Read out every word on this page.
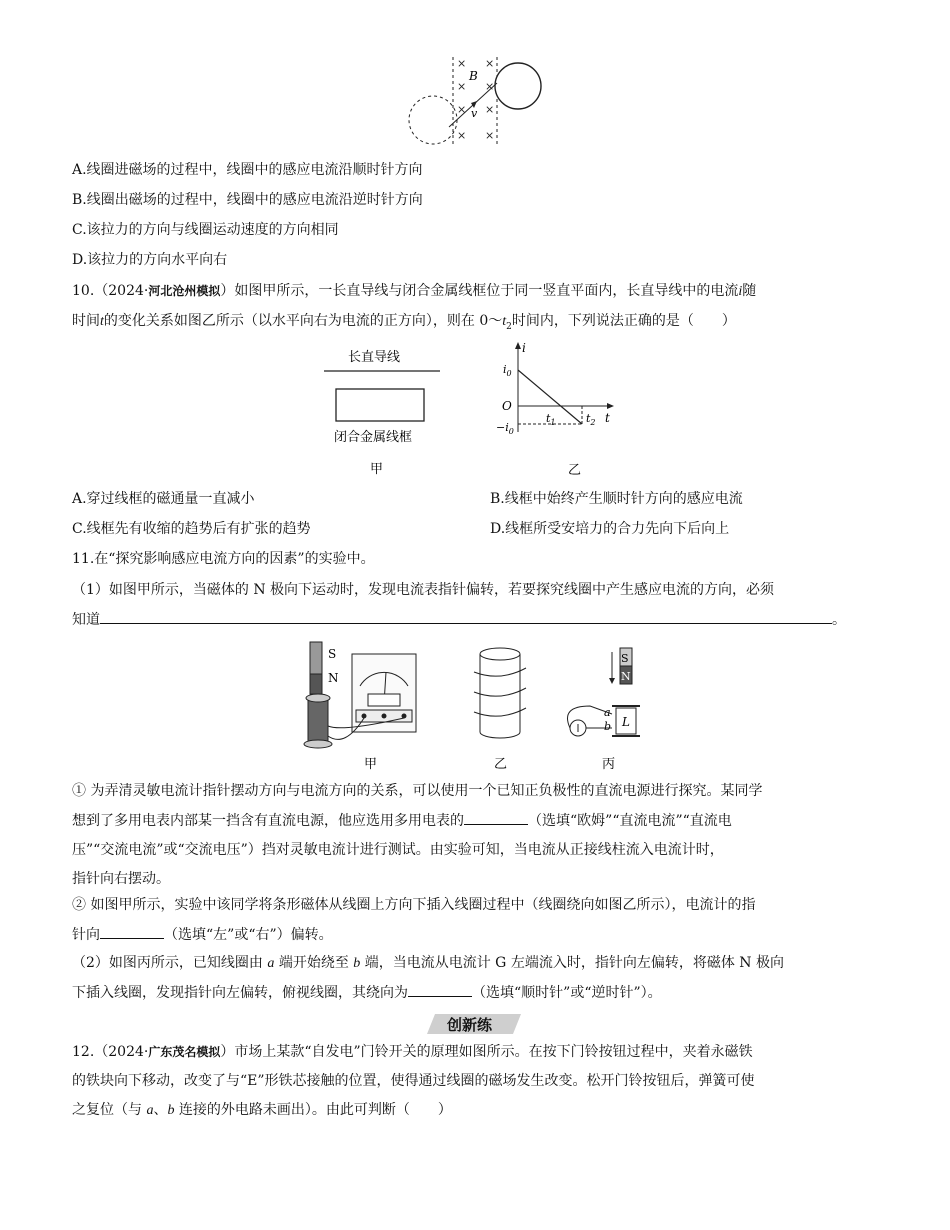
× ×
× ×
× ×
× ×
B
v
A.线圈进磁场的过程中，线圈中的感应电流沿顺时针方向
B.线圈出磁场的过程中，线圈中的感应电流沿逆时针方向
C.该拉力的方向与线圈运动速度的方向相同
D.该拉力的方向水平向右
10.（2024·河北沧州模拟）如图甲所示，一长直导线与闭合金属线框位于同一竖直平面内，长直导线中的电流i随
时间t的变化关系如图乙所示（以水平向右为电流的正方向），则在 $0\sim t_2$时间内，下列说法正确的是（　　）
长直导线
闭合金属线框
甲
i
t
O
$i_0$
$-i_0$
$t_1$	$t_2$
乙
A.穿过线框的磁通量一直减小	B.线框中始终产生顺时针方向的感应电流
C.线框先有收缩的趋势后有扩张的趋势	D.线框所受安培力的合力先向下后向上
11.在“探究影响感应电流方向的因素”的实验中。
（1）如图甲所示，当磁体的 N 极向下运动时，发现电流表指针偏转，若要探究线圈中产生感应电流的方向，必须
知道	。
S
N
甲	乙
S
N
L
a
b
丙
① 为弄清灵敏电流计指针摆动方向与电流方向的关系，可以使用一个已知正负极性的直流电源进行探究。某同学
想到了多用电表内部某一挡含有直流电源，他应选用多用电表的	（选填“欧姆”“直流电流”“直流电
压”“交流电流”或“交流电压”）挡对灵敏电流计进行测试。由实验可知，当电流从正接线柱流入电流计时，
指针向右摆动。
② 如图甲所示，实验中该同学将条形磁体从线圈上方向下插入线圈过程中（线圈绕向如图乙所示），电流计的指
针向	（选填“左”或“右”）偏转。
（2）如图丙所示，已知线圈由 a 端开始绕至 b 端，当电流从电流计 G 左端流入时，指针向左偏转，将磁体 N 极向
下插入线圈，发现指针向左偏转，俯视线圈，其绕向为	（选填“顺时针”或“逆时针”）。
创新练
12.（2024·广东茂名模拟）市场上某款“自发电”门铃开关的原理如图所示。在按下门铃按钮过程中，夹着永磁铁
的铁块向下移动，改变了与“E”形铁芯接触的位置，使得通过线圈的磁场发生改变。松开门铃按钮后，弹簧可使
之复位（与 a、b 连接的外电路未画出）。由此可判断（　　）
